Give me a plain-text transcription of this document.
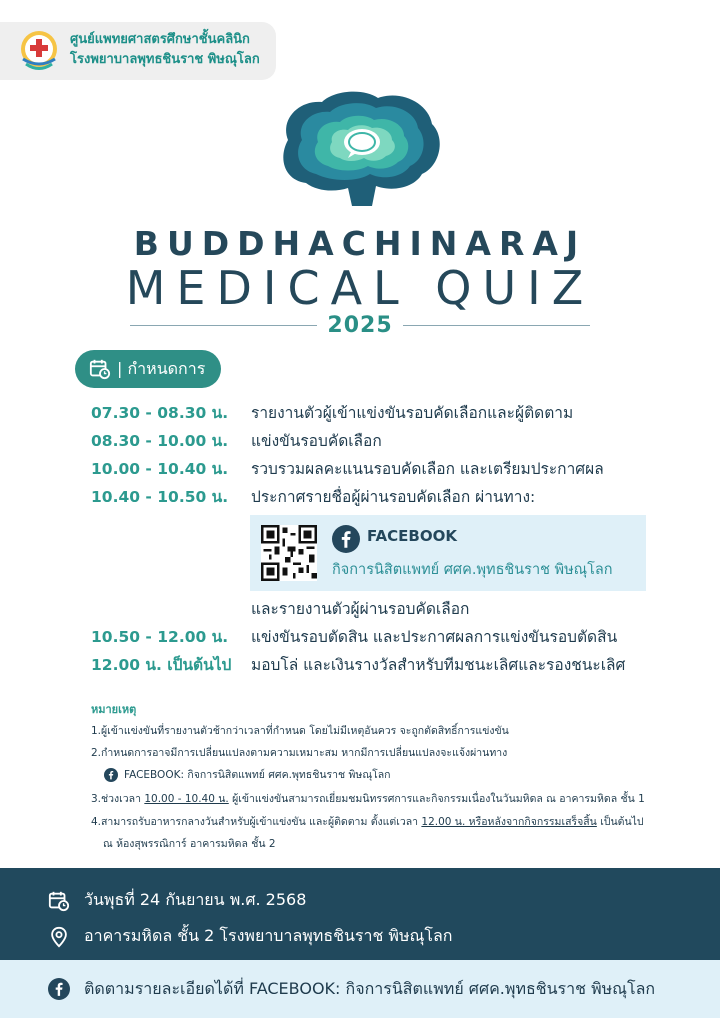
ศูนย์แพทยศาสตรศึกษาชั้นคลินิก
โรงพยาบาลพุทธชินราช พิษณุโลก
BUDDHACHINARAJ
MEDICAL QUIZ
2025
| กำหนดการ
07.30 - 08.30 น.	รายงานตัวผู้เข้าแข่งขันรอบคัดเลือกและผู้ติดตาม
08.30 - 10.00 น.	แข่งขันรอบคัดเลือก
10.00 - 10.40 น.	รวบรวมผลคะแนนรอบคัดเลือก และเตรียมประกาศผล
10.40 - 10.50 น.	ประกาศรายชื่อผู้ผ่านรอบคัดเลือก ผ่านทาง:
FACEBOOK
กิจการนิสิตแพทย์ ศศค.พุทธชินราช พิษณุโลก
และรายงานตัวผู้ผ่านรอบคัดเลือก
10.50 - 12.00 น.	แข่งขันรอบตัดสิน และประกาศผลการแข่งขันรอบตัดสิน
12.00 น. เป็นต้นไป	มอบโล่ และเงินรางวัลสำหรับทีมชนะเลิศและรองชนะเลิศ
หมายเหตุ
1.ผู้เข้าแข่งขันที่รายงานตัวช้ากว่าเวลาที่กำหนด โดยไม่มีเหตุอันควร จะถูกตัดสิทธิ์การแข่งขัน
2.กำหนดการอาจมีการเปลี่ยนแปลงตามความเหมาะสม หากมีการเปลี่ยนแปลงจะแจ้งผ่านทาง
FACEBOOK: กิจการนิสิตแพทย์ ศศค.พุทธชินราช พิษณุโลก
3.ช่วงเวลา 10.00 - 10.40 น. ผู้เข้าแข่งขันสามารถเยี่ยมชมนิทรรศการและกิจกรรมเนื่องในวันมหิดล ณ อาคารมหิดล ชั้น 1
4.สามารถรับอาหารกลางวันสำหรับผู้เข้าแข่งขัน และผู้ติดตาม ตั้งแต่เวลา 12.00 น. หรือหลังจากกิจกรรมเสร็จสิ้น เป็นต้นไป
ณ ห้องสุพรรณิการ์ อาคารมหิดล ชั้น 2
วันพุธที่ 24 กันยายน พ.ศ. 2568
อาคารมหิดล ชั้น 2 โรงพยาบาลพุทธชินราช พิษณุโลก
ติดตามรายละเอียดได้ที่ FACEBOOK: กิจการนิสิตแพทย์ ศศค.พุทธชินราช พิษณุโลก
